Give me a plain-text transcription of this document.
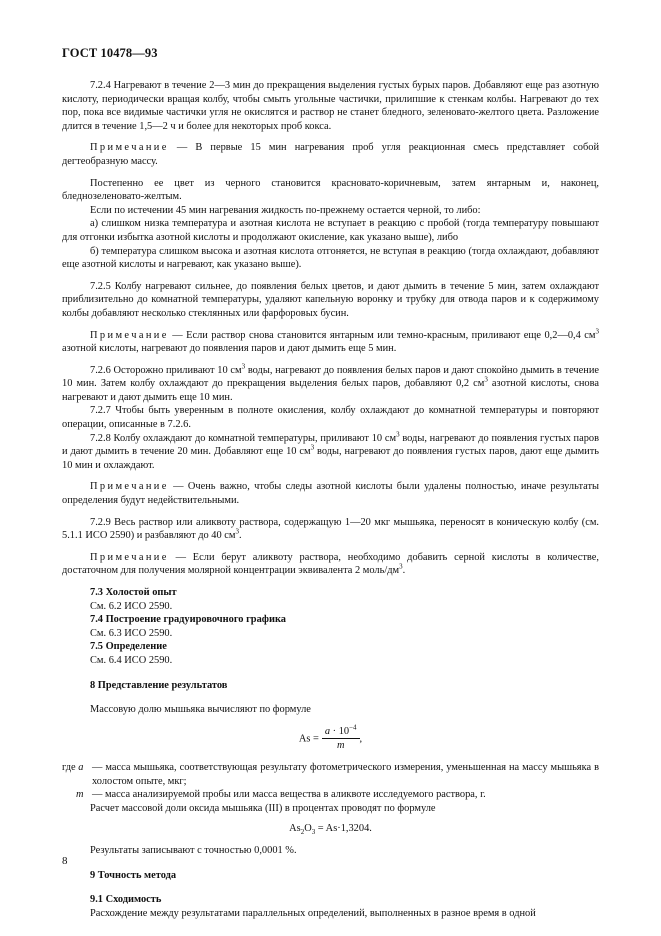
ГОСТ 10478—93

7.2.4 Нагревают в течение 2—3 мин до прекращения выделения густых бурых паров. Добавляют еще раз азотную кислоту, периодически вращая колбу, чтобы смыть угольные частички, прилипшие к стенкам колбы. Нагревают до тех пор, пока все видимые частички угля не окислятся и раствор не станет бледного, зеленовато-желтого цвета. Разложение длится в течение 1,5—2 ч и более для некоторых проб кокса.

Примечание — В первые 15 мин нагревания проб угля реакционная смесь представляет собой дегтеобразную массу.

Постепенно ее цвет из черного становится красновато-коричневым, затем янтарным и, наконец, бледнозеленовато-желтым.

Если по истечении 45 мин нагревания жидкость по-прежнему остается черной, то либо:

а) слишком низка температура и азотная кислота не вступает в реакцию с пробой (тогда температуру повышают для отгонки избытка азотной кислоты и продолжают окисление, как указано выше), либо

б) температура слишком высока и азотная кислота отгоняется, не вступая в реакцию (тогда охлаждают, добавляют еще азотной кислоты и нагревают, как указано выше).

7.2.5 Колбу нагревают сильнее, до появления белых цветов, и дают дымить в течение 5 мин, затем охлаждают приблизительно до комнатной температуры, удаляют капельную воронку и трубку для отвода паров и к содержимому колбы добавляют несколько стеклянных или фарфоровых бусин.

Примечание — Если раствор снова становится янтарным или темно-красным, приливают еще 0,2—0,4 $см^3$ азотной кислоты, нагревают до появления паров и дают дымить еще 5 мин.

7.2.6 Осторожно приливают 10 $см^3$ воды, нагревают до появления белых паров и дают спокойно дымить в течение 10 мин. Затем колбу охлаждают до прекращения выделения белых паров, добавляют 0,2 $см^3$ азотной кислоты, снова нагревают и дают дымить еще 10 мин.

7.2.7 Чтобы быть уверенным в полноте окисления, колбу охлаждают до комнатной температуры и повторяют операции, описанные в 7.2.6.

7.2.8 Колбу охлаждают до комнатной температуры, приливают 10 $см^3$ воды, нагревают до появления густых паров и дают дымить в течение 20 мин. Добавляют еще 10 $см^3$ воды, нагревают до появления густых паров, дают еще дымить 10 мин и охлаждают.

Примечание — Очень важно, чтобы следы азотной кислоты были удалены полностью, иначе результаты определения будут недействительными.

7.2.9 Весь раствор или аликвоту раствора, содержащую 1—20 мкг мышьяка, переносят в коническую колбу (см. 5.1.1 ИСО 2590) и разбавляют до 40 $см^3$.

Примечание — Если берут аликвоту раствора, необходимо добавить серной кислоты в количестве, достаточном для получения молярной концентрации эквивалента 2 моль/$дм^3$.

7.3 Холостой опыт

См. 6.2 ИСО 2590.

7.4 Построение градуировочного графика

См. 6.3 ИСО 2590.

7.5 Определение

См. 6.4 ИСО 2590.

8 Представление результатов

Массовую долю мышьяка вычисляют по формуле

$As = \frac{a \cdot 10^{-4}}{m}$ ,
где a — масса мышьяка, соответствующая результату фотометрического измерения, уменьшенная на массу мышьяка в холостом опыте, мкг;
m — масса анализируемой пробы или масса вещества в аликвоте исследуемого раствора, г.

Расчет массовой доли оксида мышьяка (III) в процентах проводят по формуле

$As_2O_3 = As\cdot 1,3204$.

Результаты записывают с точностью 0,0001 %.

9 Точность метода

9.1 Сходимость

Расхождение между результатами параллельных определений, выполненных в разное время в одной

8
